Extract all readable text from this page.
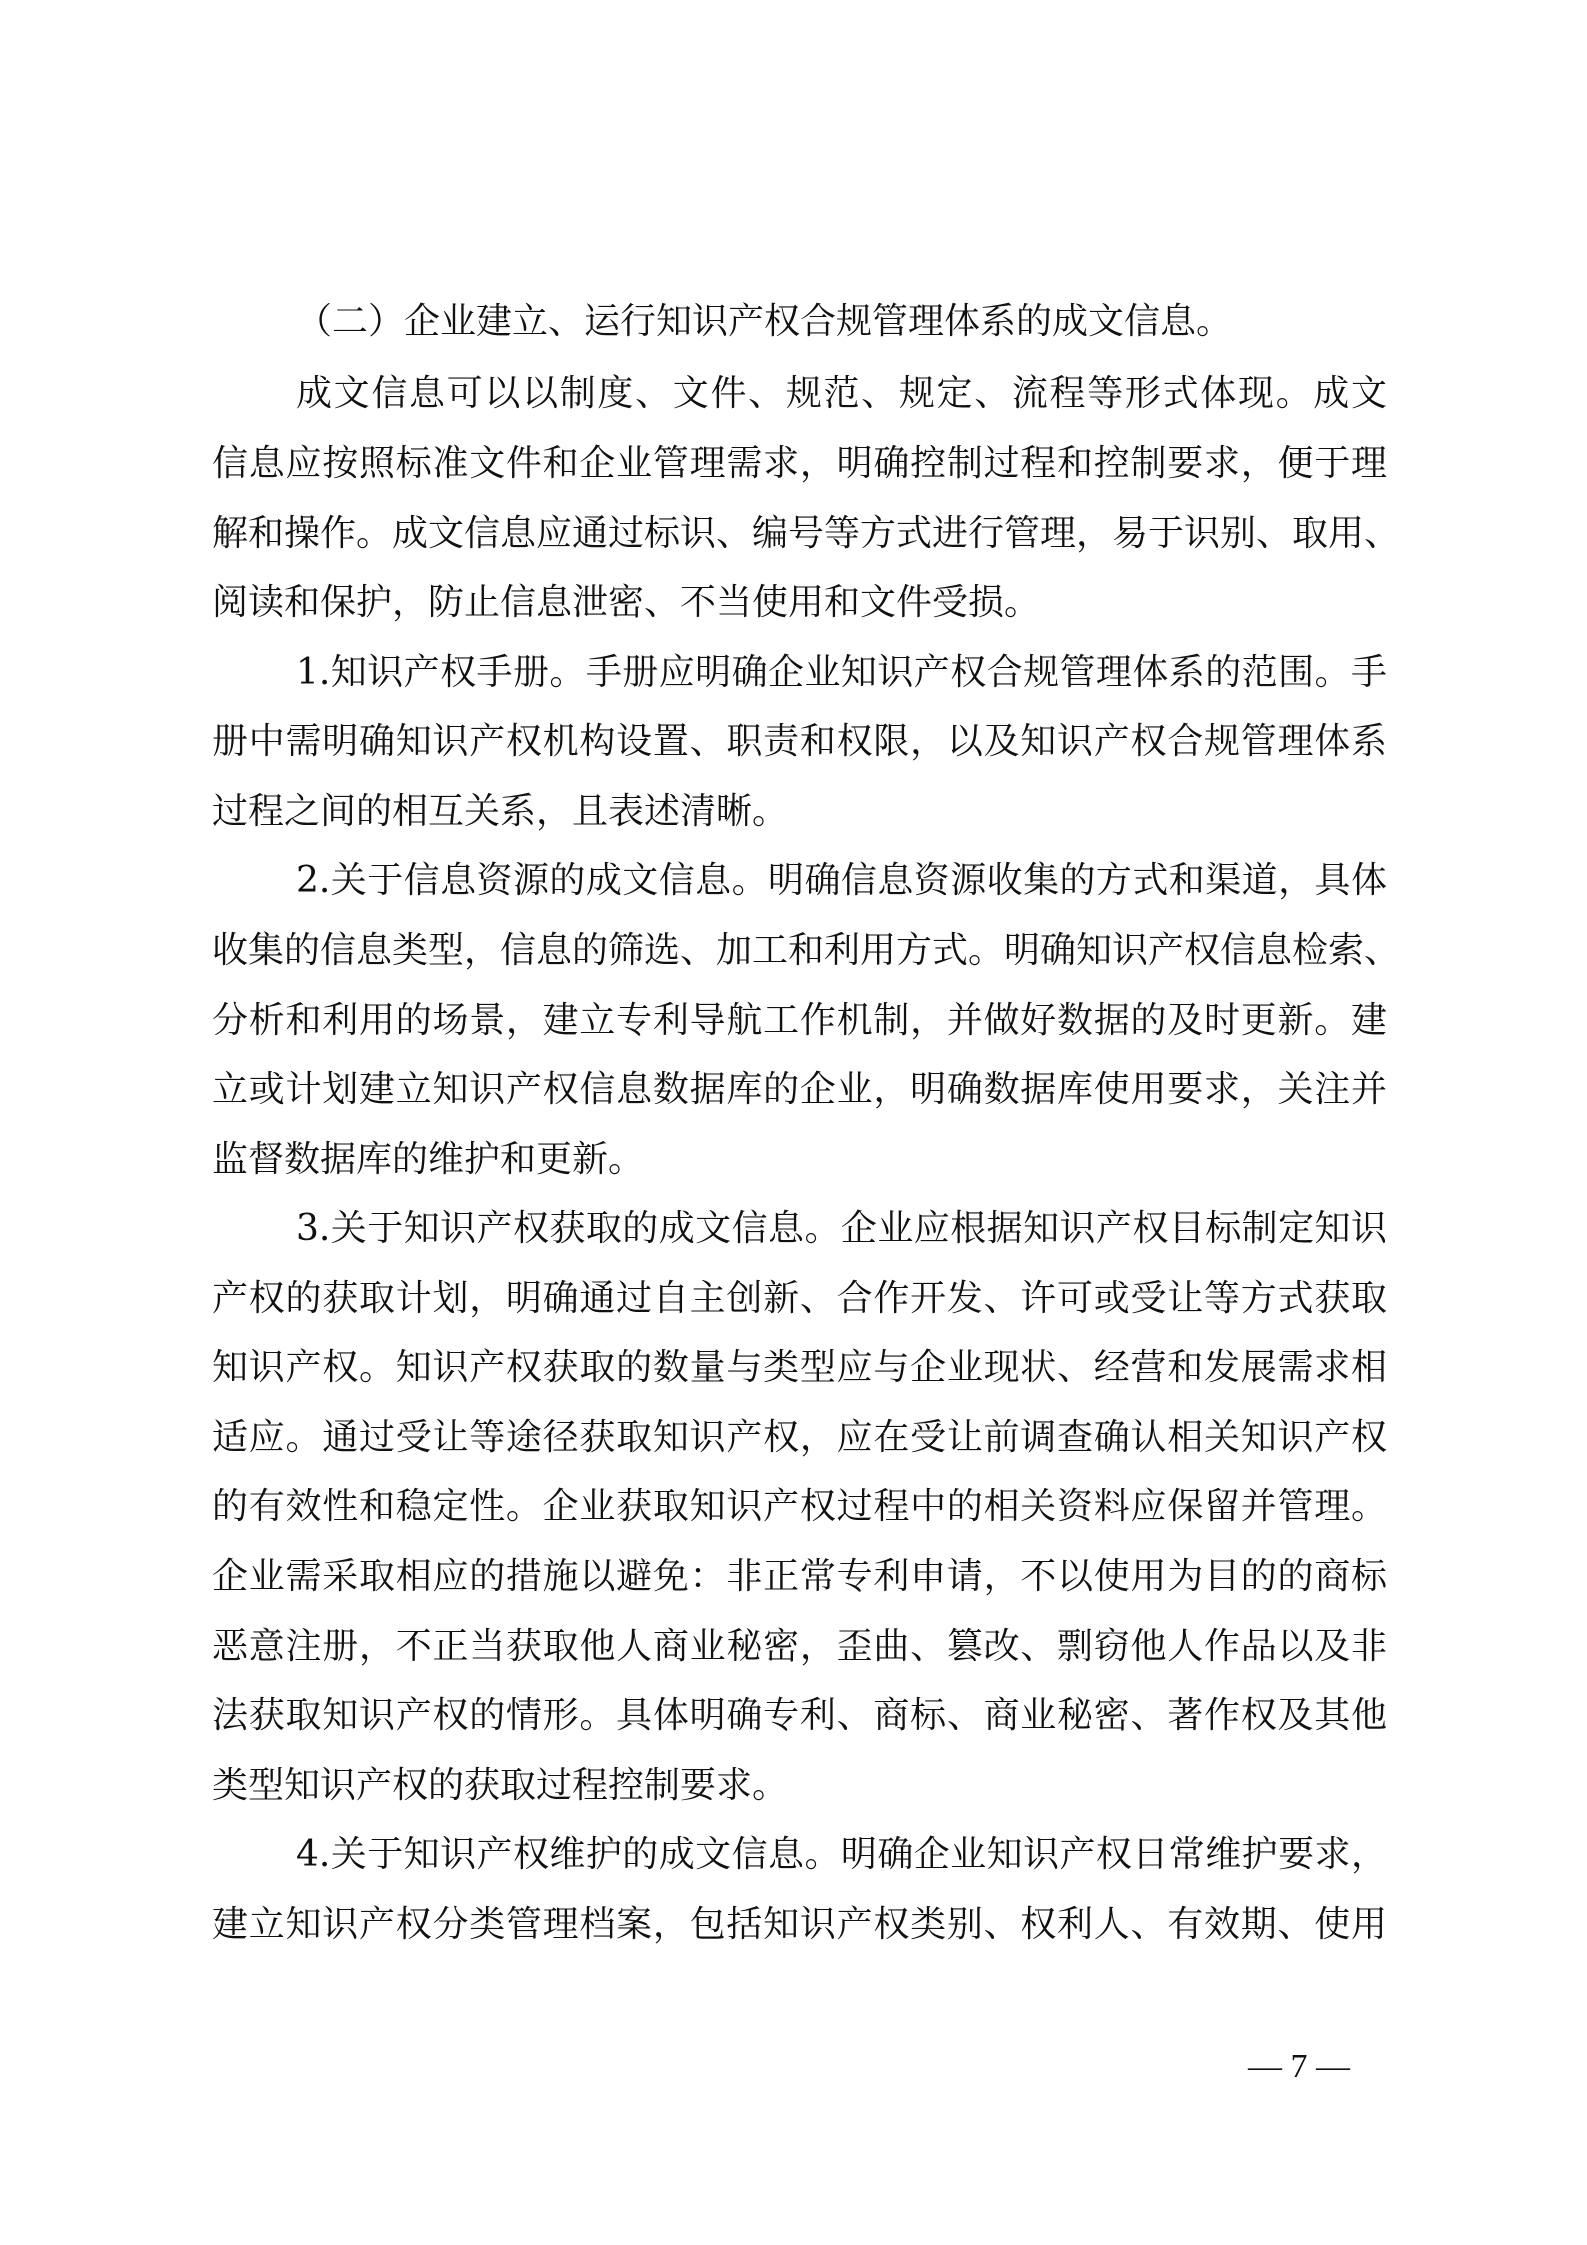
（二）企业建立、运行知识产权合规管理体系的成文信息。
成文信息可以以制度、文件、规范、规定、流程等形式体现。成文
信息应按照标准文件和企业管理需求，明确控制过程和控制要求，便于理
解和操作。成文信息应通过标识、编号等方式进行管理，易于识别、取用、
阅读和保护，防止信息泄密、不当使用和文件受损。
1.知识产权手册。手册应明确企业知识产权合规管理体系的范围。手
册中需明确知识产权机构设置、职责和权限，以及知识产权合规管理体系
过程之间的相互关系，且表述清晰。
2.关于信息资源的成文信息。明确信息资源收集的方式和渠道，具体
收集的信息类型，信息的筛选、加工和利用方式。明确知识产权信息检索、
分析和利用的场景，建立专利导航工作机制，并做好数据的及时更新。建
立或计划建立知识产权信息数据库的企业，明确数据库使用要求，关注并
监督数据库的维护和更新。
3.关于知识产权获取的成文信息。企业应根据知识产权目标制定知识
产权的获取计划，明确通过自主创新、合作开发、许可或受让等方式获取
知识产权。知识产权获取的数量与类型应与企业现状、经营和发展需求相
适应。通过受让等途径获取知识产权，应在受让前调查确认相关知识产权
的有效性和稳定性。企业获取知识产权过程中的相关资料应保留并管理。
企业需采取相应的措施以避免：非正常专利申请，不以使用为目的的商标
恶意注册，不正当获取他人商业秘密，歪曲、篡改、剽窃他人作品以及非
法获取知识产权的情形。具体明确专利、商标、商业秘密、著作权及其他
类型知识产权的获取过程控制要求。
4.关于知识产权维护的成文信息。明确企业知识产权日常维护要求，
建立知识产权分类管理档案，包括知识产权类别、权利人、有效期、使用
— 7 —
